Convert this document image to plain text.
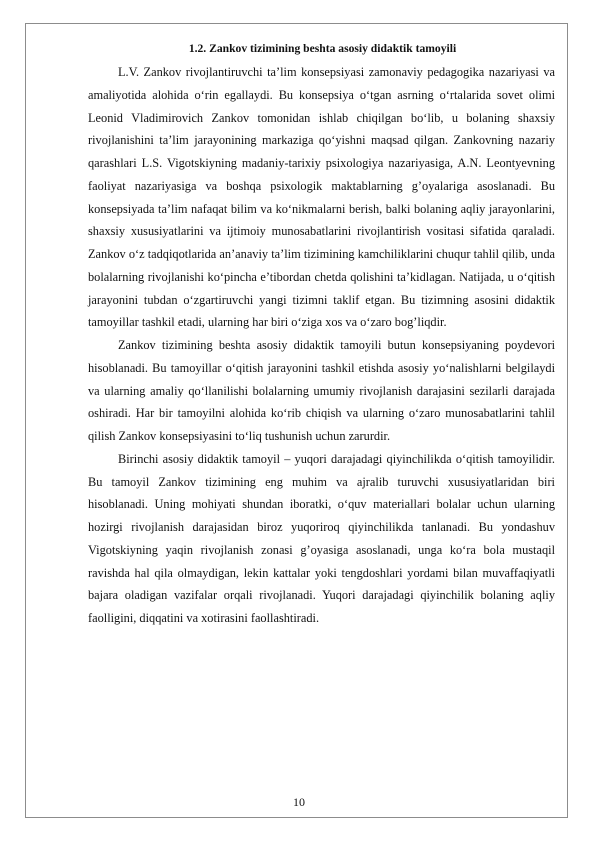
1.2. Zankov tizimining beshta asosiy didaktik tamoyili

L.V. Zankov rivojlantiruvchi ta’lim konsepsiyasi zamonaviy pedagogika nazariyasi va amaliyotida alohida o‘rin egallaydi. Bu konsepsiya o‘tgan asrning o‘rtalarida sovet olimi Leonid Vladimirovich Zankov tomonidan ishlab chiqilgan bo‘lib, u bolaning shaxsiy rivojlanishini ta’lim jarayonining markaziga qo‘yishni maqsad qilgan. Zankovning nazariy qarashlari L.S. Vigotskiyning madaniy-tarixiy psixologiya nazariyasiga, A.N. Leontyevning faoliyat nazariyasiga va boshqa psixologik maktablarning g’oyalariga asoslanadi. Bu konsepsiyada ta’lim nafaqat bilim va ko‘nikmalarni berish, balki bolaning aqliy jarayonlarini, shaxsiy xususiyatlarini va ijtimoiy munosabatlarini rivojlantirish vositasi sifatida qaraladi. Zankov o‘z tadqiqotlarida an’anaviy ta’lim tizimining kamchiliklarini chuqur tahlil qilib, unda bolalarning rivojlanishi ko‘pincha e’tibordan chetda qolishini ta’kidlagan. Natijada, u o‘qitish jarayonini tubdan o‘zgartiruvchi yangi tizimni taklif etgan. Bu tizimning asosini didaktik tamoyillar tashkil etadi, ularning har biri o‘ziga xos va o‘zaro bog’liqdir.

Zankov tizimining beshta asosiy didaktik tamoyili butun konsepsiyaning poydevori hisoblanadi. Bu tamoyillar o‘qitish jarayonini tashkil etishda asosiy yo‘nalishlarni belgilaydi va ularning amaliy qo‘llanilishi bolalarning umumiy rivojlanish darajasini sezilarli darajada oshiradi. Har bir tamoyilni alohida ko‘rib chiqish va ularning o‘zaro munosabatlarini tahlil qilish Zankov konsepsiyasini to‘liq tushunish uchun zarurdir.

Birinchi asosiy didaktik tamoyil – yuqori darajadagi qiyinchilikda o‘qitish tamoyilidir. Bu tamoyil Zankov tizimining eng muhim va ajralib turuvchi xususiyatlaridan biri hisoblanadi. Uning mohiyati shundan iboratki, o‘quv materiallari bolalar uchun ularning hozirgi rivojlanish darajasidan biroz yuqoriroq qiyinchilikda tanlanadi. Bu yondashuv Vigotskiyning yaqin rivojlanish zonasi g’oyasiga asoslanadi, unga ko‘ra bola mustaqil ravishda hal qila olmaydigan, lekin kattalar yoki tengdoshlari yordami bilan muvaffaqiyatli bajara oladigan vazifalar orqali rivojlanadi. Yuqori darajadagi qiyinchilik bolaning aqliy faolligini, diqqatini va xotirasini faollashtiradi.

10
